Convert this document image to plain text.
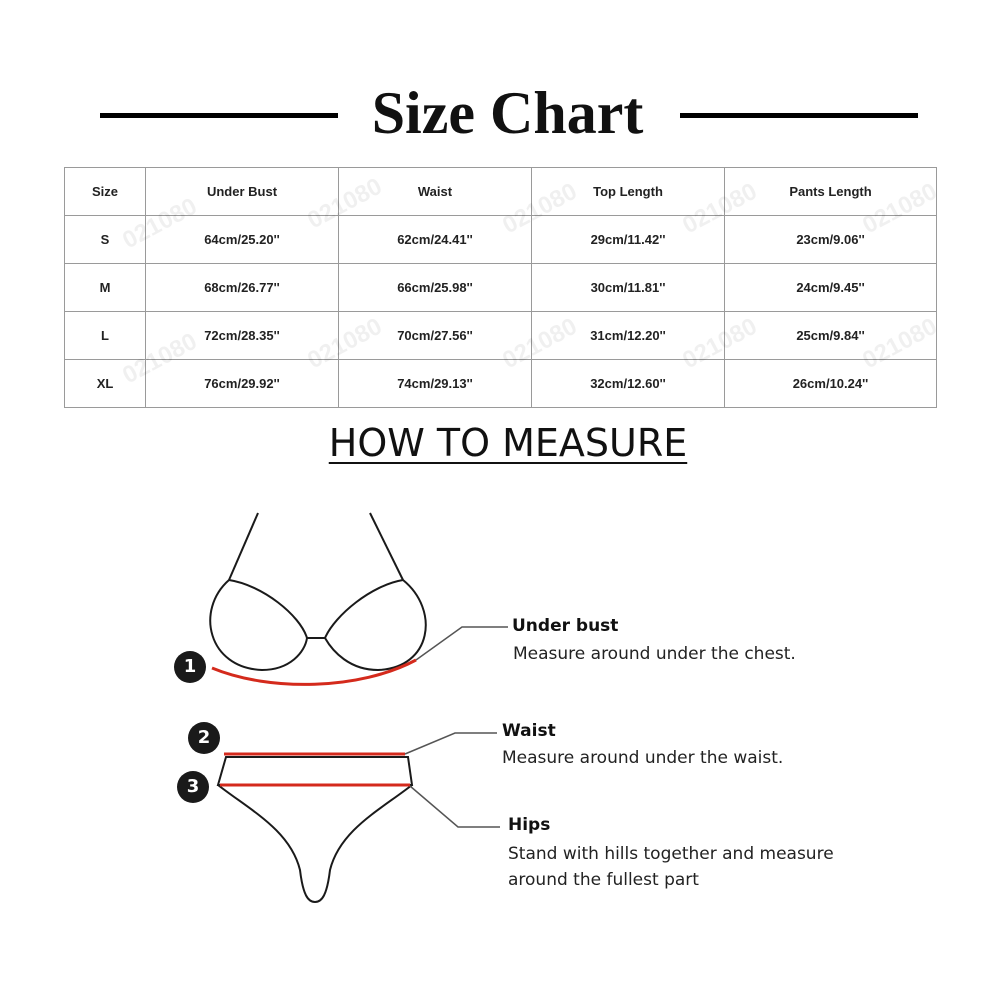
Size Chart
Size	Under Bust	Waist	Top Length	Pants Length
S	64cm/25.20''	62cm/24.41''	29cm/11.42''	23cm/9.06''
M	68cm/26.77''	66cm/25.98''	30cm/11.81''	24cm/9.45''
L	72cm/28.35''	70cm/27.56''	31cm/12.20''	25cm/9.84''
XL	76cm/29.92''	74cm/29.13''	32cm/12.60''	26cm/10.24''
021080	021080	021080	021080	021080
021080	021080	021080	021080	021080
HOW TO MEASURE
1
2
3
Under bust
Measure around under the chest.
Waist
Measure around under the waist.
Hips
Stand with hills together and measure
around the fullest part
